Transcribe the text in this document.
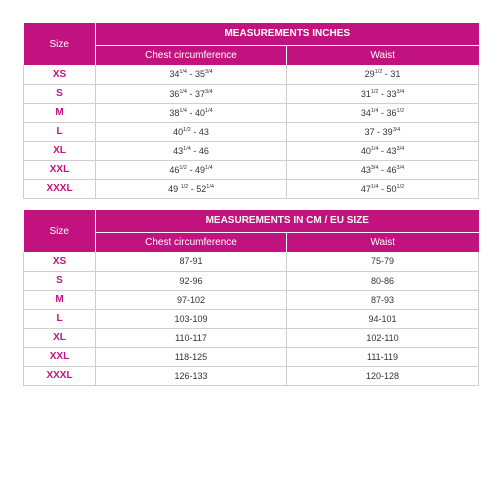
Size	MEASUREMENTS INCHES	
	Chest circumference	Waist
XS	$34^{1/4} - 35^{3/4}$	$29^{1/2} - 31$
S	$36^{1/4} - 37^{3/4}$	$31^{1/2} - 33^{3/4}$
M	$38^{1/4} - 40^{1/4}$	$34^{1/4} - 36^{1/2}$
L	$40^{1/2} - 43$	$37 - 39^{3/4}$
XL	$43^{1/4} - 46$	$40^{1/4} - 43^{3/4}$
XXL	$46^{1/2} - 49^{1/4}$	$43^{3/4} - 46^{3/4}$
XXXL	49 $^{1/2} - 52^{1/4}$	$47^{1/4} - 50^{1/2}$
Size	MEASUREMENTS IN CM / EU SIZE	
	Chest circumference	Waist
XS	87-91	75-79
S	92-96	80-86
M	97-102	87-93
L	103-109	94-101
XL	110-117	102-110
XXL	118-125	111-119
XXXL	126-133	120-128
